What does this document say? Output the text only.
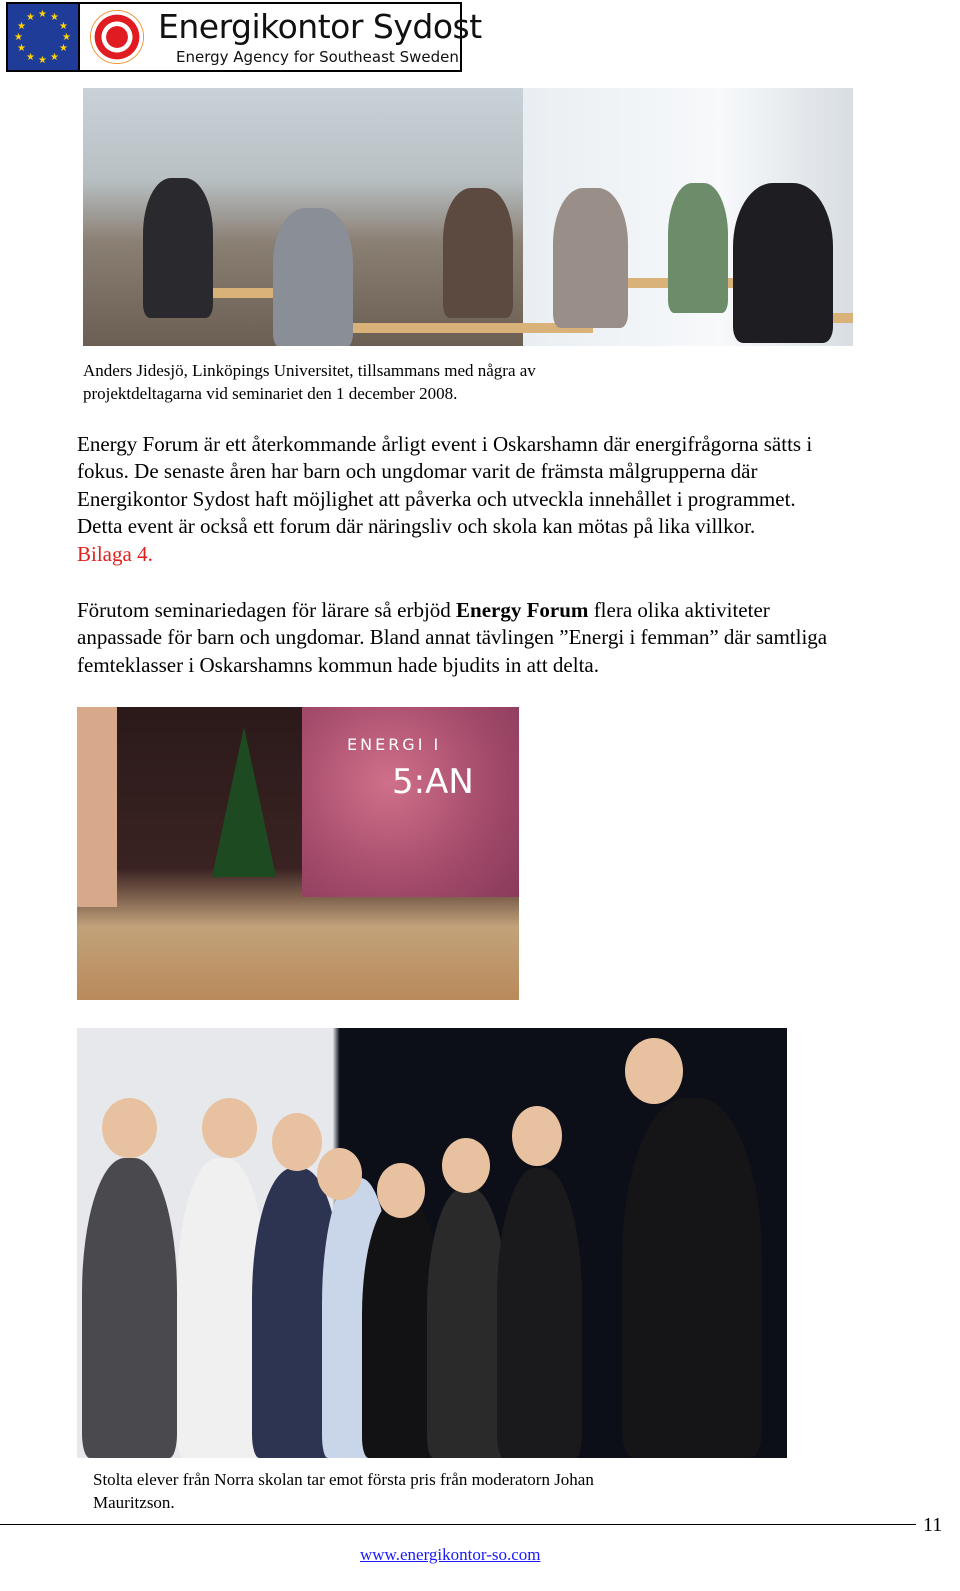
★ ★
★
★
★
★
★
★
★
★
★
★	Energikontor Sydost
Energy Agency for Southeast Sweden
Anders Jidesjö, Linköpings Universitet, tillsammans med några av
projektdeltagarna vid seminariet den 1 december 2008.
Energy Forum är ett återkommande årligt event i Oskarshamn där energifrågorna sätts i
fokus. De senaste åren har barn och ungdomar varit de främsta målgrupperna där
Energikontor Sydost haft möjlighet att påverka och utveckla innehållet i programmet.
Detta event är också ett forum där näringsliv och skola kan mötas på lika villkor.
Bilaga 4.
Förutom seminariedagen för lärare så erbjöd Energy Forum flera olika aktiviteter
anpassade för barn och ungdomar. Bland annat tävlingen ”Energi i femman” där samtliga
femteklasser i Oskarshamns kommun hade bjudits in att delta.
ENERGI I
5:AN
Stolta elever från Norra skolan tar emot första pris från moderatorn Johan
Mauritzson.
11
www.energikontor-so.com
